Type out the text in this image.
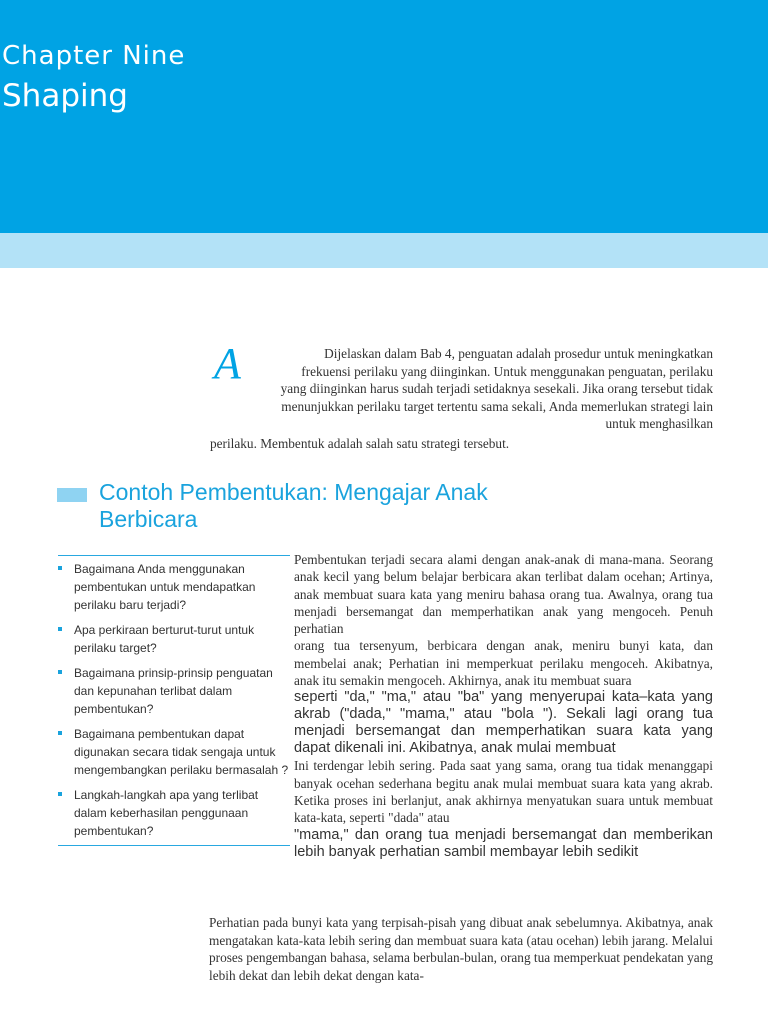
Chapter Nine
Shaping
A	Dijelaskan dalam Bab 4, penguatan adalah prosedur untuk meningkatkan
frekuensi perilaku yang diinginkan. Untuk menggunakan penguatan, perilaku
yang diinginkan harus sudah terjadi setidaknya sesekali. Jika orang tersebut tidak
menunjukkan perilaku target tertentu sama sekali, Anda memerlukan strategi lain
untuk menghasilkan
perilaku. Membentuk adalah salah satu strategi tersebut.
Contoh Pembentukan: Mengajar Anak Berbicara
Bagaimana Anda menggunakan pembentukan untuk mendapatkan perilaku baru terjadi?
Apa perkiraan berturut-turut untuk perilaku target?
Bagaimana prinsip-prinsip penguatan dan kepunahan terlibat dalam pembentukan?
Bagaimana pembentukan dapat digunakan secara tidak sengaja untuk mengembangkan perilaku bermasalah ?
Langkah-langkah apa yang terlibat dalam keberhasilan penggunaan pembentukan?

Pembentukan terjadi secara alami dengan anak-anak di mana-mana. Seorang anak kecil yang belum belajar berbicara akan terlibat dalam ocehan; Artinya, anak membuat suara kata yang meniru bahasa orang tua. Awalnya, orang tua menjadi bersemangat dan memperhatikan anak yang mengoceh. Penuh perhatian

orang tua tersenyum, berbicara dengan anak, meniru bunyi kata, dan membelai anak; Perhatian ini memperkuat perilaku mengoceh. Akibatnya, anak itu semakin mengoceh. Akhirnya, anak itu membuat suara

seperti "da," "ma," atau "ba" yang menyerupai kata–kata yang akrab ("dada," "mama," atau "bola "). Sekali lagi orang tua menjadi bersemangat dan memperhatikan suara kata yang dapat dikenali ini. Akibatnya, anak mulai membuat

Ini terdengar lebih sering. Pada saat yang sama, orang tua tidak menanggapi banyak ocehan sederhana begitu anak mulai membuat suara kata yang akrab. Ketika proses ini berlanjut, anak akhirnya menyatukan suara untuk membuat kata-kata, seperti "dada" atau

"mama," dan orang tua menjadi bersemangat dan memberikan lebih banyak perhatian sambil membayar lebih sedikit

Perhatian pada bunyi kata yang terpisah-pisah yang dibuat anak sebelumnya. Akibatnya, anak mengatakan kata-kata lebih sering dan membuat suara kata (atau ocehan) lebih jarang. Melalui proses pengembangan bahasa, selama berbulan-bulan, orang tua memperkuat pendekatan yang lebih dekat dan lebih dekat dengan kata-
